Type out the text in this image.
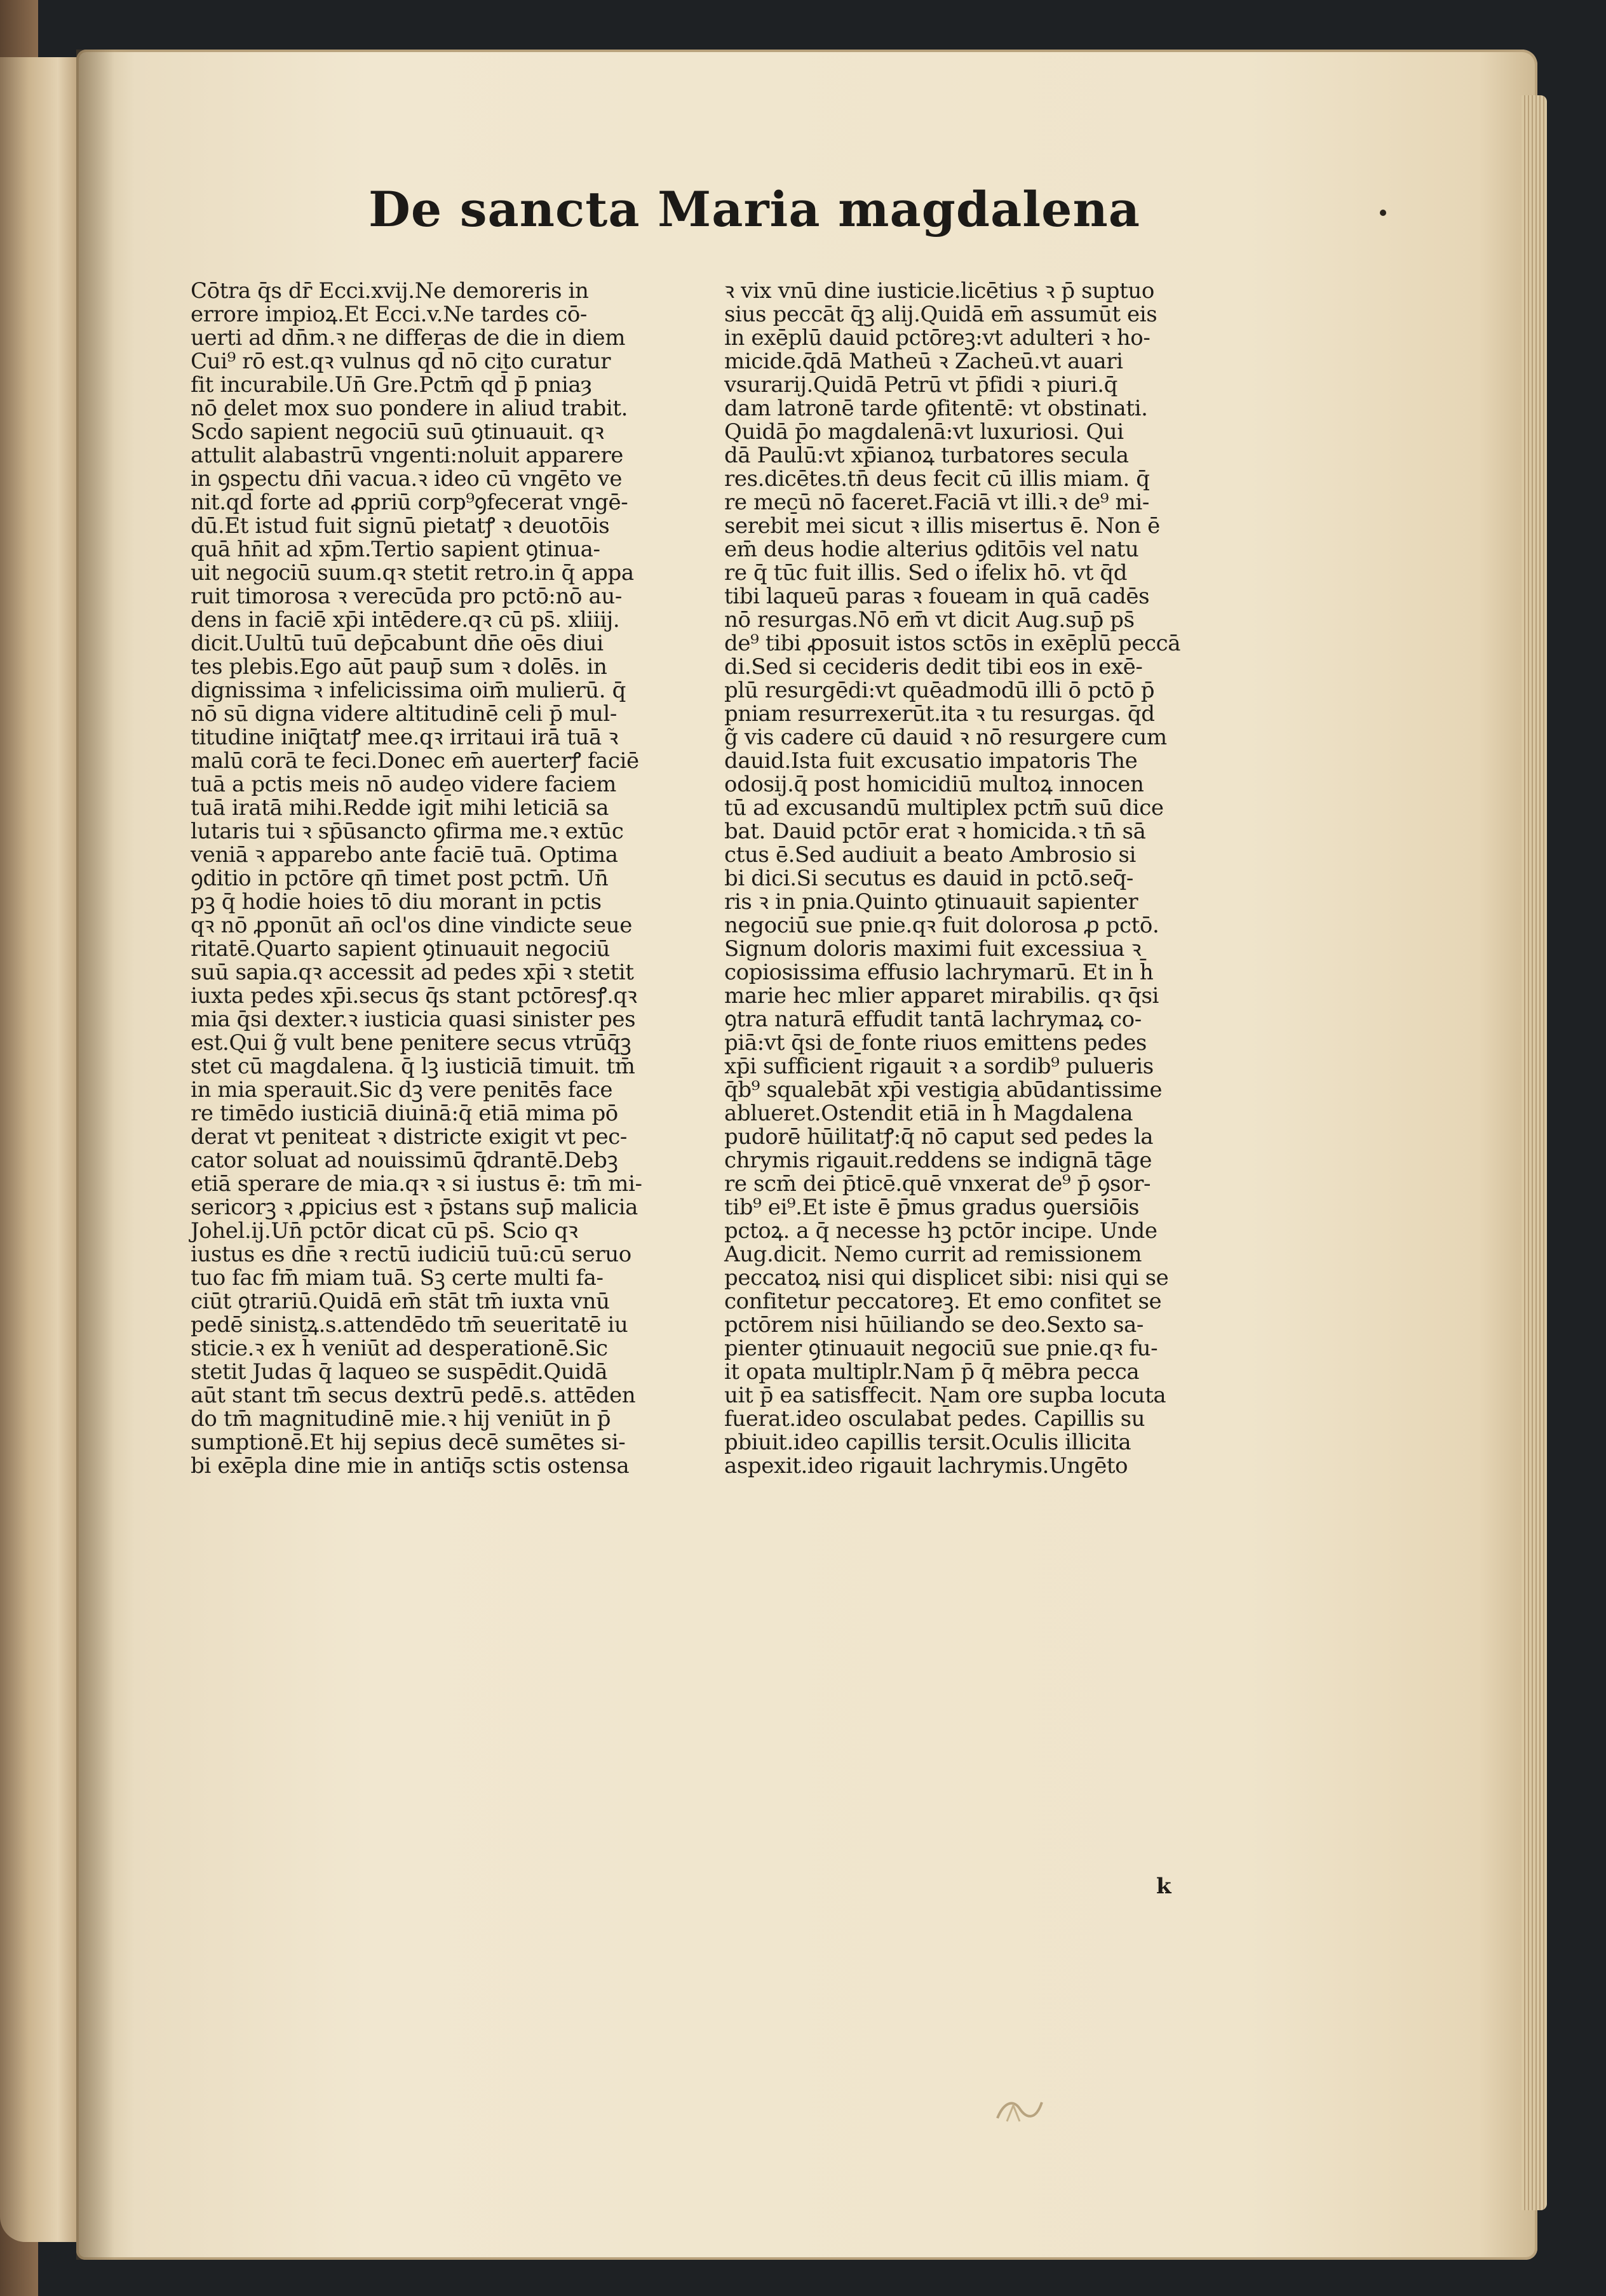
De sancta Maria magdalena
Cōtra q̄s dr̄ Ecci.xvij.Ne demoreris in
errore impioꝝ.Et Ecci.v.Ne tardes cō‑
uerti ad dn̄m.ꝛ ne differas de die in diem
Cui⁹ rō est.qꝛ vulnus qd̄ nō cito curatur
fit incurabile.Un̄ Gre.Pctm̄ qd̄ p̄ pniaȝ
nō delet mox suo pondere in aliud trabit.
Scd̄o sapient negociū suū ꝯtinuauit. qꝛ
attulit alabastrū vngenti:noluit apparere
in ꝯspectu dn̄i vacua.ꝛ ideo cū vngēto ve
nit.qd̄ forte ad ꝓpriū corp⁹ꝯfecerat vngē‑
dū.Et istud fuit signū pietatꝭ ꝛ deuotōis
quā hn̄it ad xp̄m.Tertio sapient ꝯtinua‑
uit negociū suum.qꝛ stetit retro.in q̄ appa
ruit timorosa ꝛ verecūda pro pctō:nō au‑
dens in faciē xp̄i intēdere.qꝛ cū ps̄. xliiij.
dicit.Uultū tuū dep̄cabunt dn̄e oēs diui
tes plebis.Ego aūt paup̄ sum ꝛ dolēs. in
dignissima ꝛ infelicissima oim̄ mulierū. q̄
nō sū digna videre altitudinē celi p̄ mul‑
titudine iniq̄tatꝭ mee.qꝛ irritaui irā tuā ꝛ
malū corā te feci.Donec em̄ auerterꝭ faciē
tuā a pctis meis nō audeo videre faciem
tuā iratā mihi.Redde igit̄ mihi leticiā sa
lutaris tui ꝛ sp̄ūsancto ꝯfirma me.ꝛ extūc
veniā ꝛ apparebo ante faciē tuā. Optima
ꝯditio in pctōre qn̄ timet post pctm̄. Un̄
pꝫ q̄ hodie hoies tō diu morant̄ in pctis
qꝛ nō ꝓponūt an̄ ocl'os dine vindicte seue
ritatē.Quarto sapient ꝯtinuauit negociū
suū sapia.qꝛ accessit ad pedes xp̄i ꝛ stetit
iuxta pedes xp̄i.secus q̄s stant pctōresꝭ.qꝛ
mia q̄si dexter.ꝛ iusticia quasi sinister pes
est.Qui g̃ vult bene penitere secus vtrūq̄ꝫ
stet cū magdalena. q̄ lꝫ iusticiā timuit. tm̄
in mia sperauit.Sic dꝫ vere penitēs face
re timēdo iusticiā diuinā:q̄ etiā mima pō
derat vt peniteat ꝛ districte exigit vt pec‑
cator soluat ad nouissimū q̄drantē.Debꝫ
etiā sperare de mia.qꝛ ꝛ si iustus ē: tm̄ mi‑
sericorꝫ ꝛ ꝓpicius est ꝛ p̄stans sup̄ malicia
Johel.ij.Un̄ pctōr dicat cū ps̄. Scio qꝛ
iustus es dn̄e ꝛ rectū iudiciū tuū:cū seruo
tuo fac fm̄ miam tuā. Sꝫ certe multi fa‑
ciūt ꝯtrariū.Quidā em̄ stāt tm̄ iuxta vnū
pedē sinistꝝ.s.attendēdo tm̄ seueritatē iu
sticie.ꝛ ex h̄ veniūt ad desperationē.Sic
stetit Judas q̄ laqueo se suspēdit.Quidā
aūt stant tm̄ secus dextrū pedē.s. attēden
do tm̄ magnitudinē mie.ꝛ hij veniūt in p̄
sumptionē.Et hij sepius decē sumētes si‑
bi exēpla dine mie in antiq̄s sctis ostensa
ꝛ vix vnū dine iusticie.licētius ꝛ p̄ suptuo
sius peccāt q̄ꝫ alij.Quidā em̄ assumūt eis
in exēplū dauid pctōreꝫ:vt adulteri ꝛ ho‑
micide.q̄dā Matheū ꝛ Zacheū.vt auari
vsurarij.Quidā Petrū vt p̄fidi ꝛ piuri.q̄
dam latronē tarde ꝯfitentē: vt obstinati.
Quidā p̄o magdalenā:vt luxuriosi. Qui
dā Paulū:vt xp̄ianoꝝ turbatores secula
res.dicētes.tn̄ deus fecit cū illis miam. q̄
re mecū nō faceret.Faciā vt illi.ꝛ de⁹ mi‑
serebit̄ mei sicut ꝛ illis misertus ē. Non ē
em̄ deus hodie alterius ꝯditōis vel natu
re q̄ tūc fuit illis. Sed o ifelix hō. vt q̄d
tibi laqueū paras ꝛ foueam in quā cadēs
nō resurgas.Nō em̄ vt dicit Aug.sup̄ ps̄
de⁹ tibi ꝓposuit istos sctōs in exēplū peccā
di.Sed si cecideris dedit tibi eos in exē‑
plū resurgēdi:vt quēadmodū illi ō pctō p̄
pniam resurrexerūt.ita ꝛ tu resurgas. q̄d
g̃ vis cadere cū dauid ꝛ nō resurgere cum
dauid.Ista fuit excusatio impatoris The
odosij.q̄ post homicidiū multoꝝ innocen
tū ad excusandū multiplex pctm̄ suū dice
bat. Dauid pctōr erat ꝛ homicida.ꝛ tn̄ sā
ctus ē.Sed audiuit a beato Ambrosio si
bi dici.Si secutus es dauid in pctō.seq̄‑
ris ꝛ in pnia.Quinto ꝯtinuauit sapienter
negociū sue pnie.qꝛ fuit dolorosa ꝓ pctō.
Signum doloris maximi fuit excessiua ꝛ
copiosissima effusio lachrymarū. Et in h̄
marie hec mlier apparet mirabilis. qꝛ q̄si
ꝯtra naturā effudit tantā lachrymaꝝ co‑
piā:vt q̄si de fonte riuos emittens pedes
xp̄i sufficient̄ rigauit ꝛ a sordib⁹ pulueris
q̄b⁹ squalebāt xp̄i vestigia abūdantissime
ablueret.Ostendit etiā in h̄ Magdalena
pudorē hūilitatꝭ:q̄ nō caput sed pedes la
chrymis rigauit.reddens se indignā tāge
re scm̄ dei p̄ticē.quē vnxerat de⁹ p̄ ꝯsor‑
tib⁹ ei⁹.Et iste ē p̄mus gradus ꝯuersiōis
pctoꝝ. a q̄ necesse hꝫ pctōr incipe. Unde
Aug.dicit. Nemo currit ad remissionem
peccatoꝝ nisi qui displicet sibi: nisi qui se
confitetur peccatoreꝫ. Et emo confitet̄ se
pctōrem nisi hūiliando se deo.Sexto sa‑
pienter ꝯtinuauit negociū sue pnie.qꝛ fu‑
it opata multiplr.Nam p̄ q̄ mēbra pecca
uit p̄ ea satisffecit. Nam ore supba locuta
fuerat.ideo osculabat̄ pedes. Capillis su
pbiuit.ideo capillis tersit.Oculis illicita
aspexit.ideo rigauit lachrymis.Ungēto
k
